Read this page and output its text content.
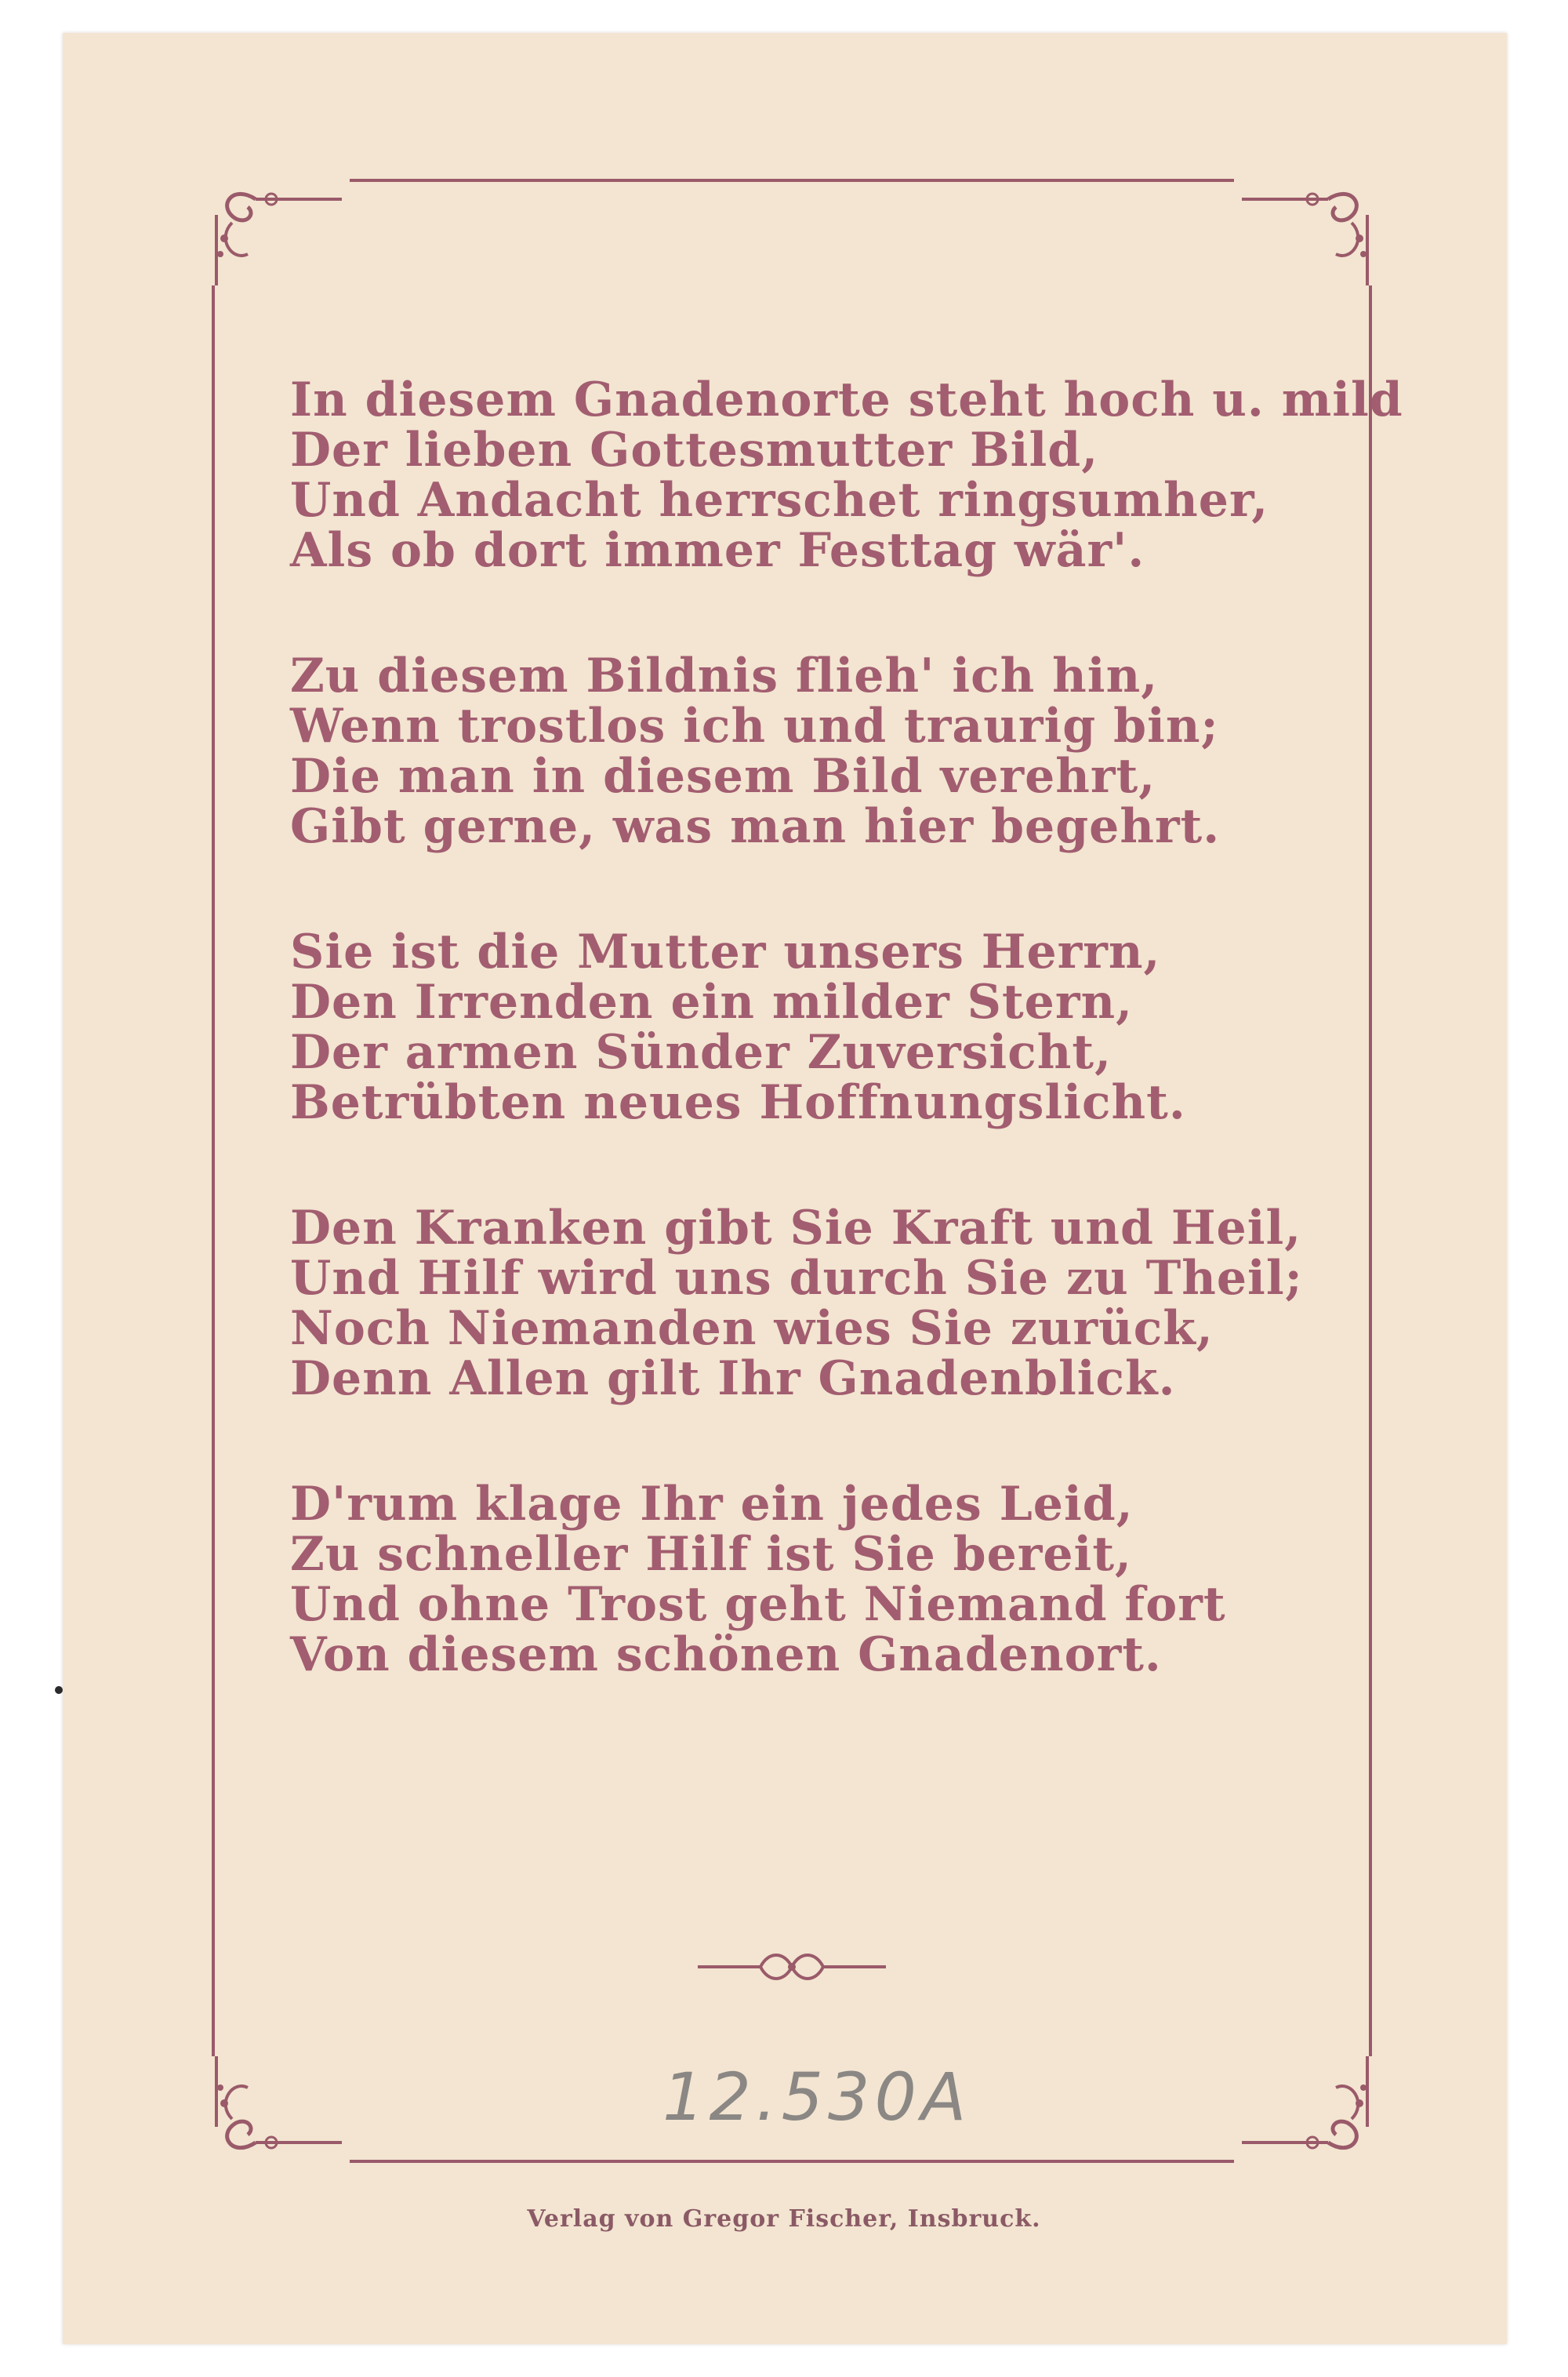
In diesem Gnadenorte steht hoch u. mild
Der lieben Gottesmutter Bild,
Und Andacht herrschet ringsumher,
Als ob dort immer Festtag wär'.
Zu diesem Bildnis flieh' ich hin,
Wenn trostlos ich und traurig bin;
Die man in diesem Bild verehrt,
Gibt gerne, was man hier begehrt.
Sie ist die Mutter unsers Herrn,
Den Irrenden ein milder Stern,
Der armen Sünder Zuversicht,
Betrübten neues Hoffnungslicht.
Den Kranken gibt Sie Kraft und Heil,
Und Hilf wird uns durch Sie zu Theil;
Noch Niemanden wies Sie zurück,
Denn Allen gilt Ihr Gnadenblick.
D'rum klage Ihr ein jedes Leid,
Zu schneller Hilf ist Sie bereit,
Und ohne Trost geht Niemand fort
Von diesem schönen Gnadenort.
12.530A
Verlag von Gregor Fischer, Insbruck.
